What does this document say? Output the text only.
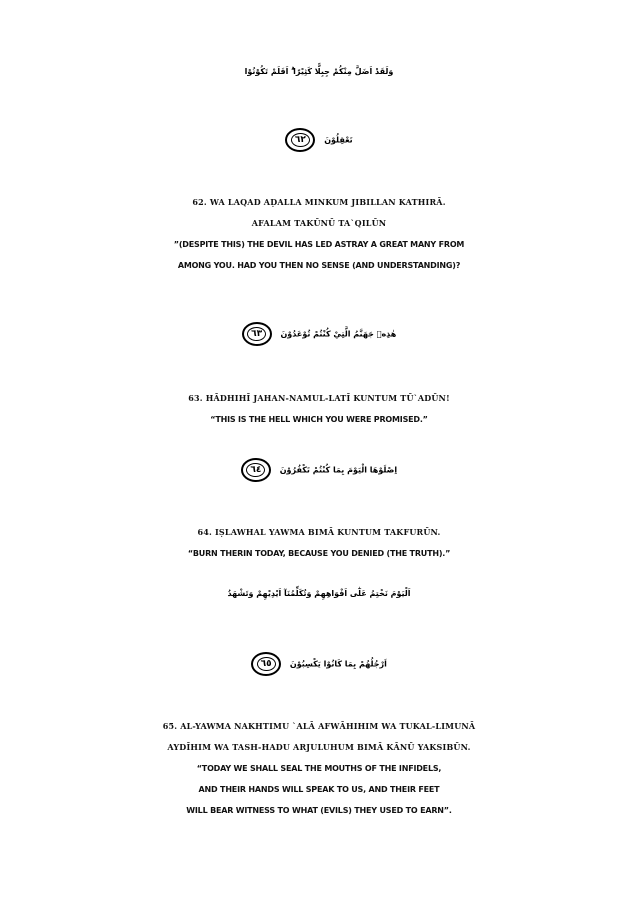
وَلَقَدْ اَضَلَّ مِنْكُمْ جِبِلًّا كَثِيْرًا ۗ اَفَلَمْ تَكُوْنُوْا
تَعْقِلُوْنَ
٦٢
62. WA LAQAD AḌALLA MINKUM JIBILLAN KATHIRĀ.
AFALAM TAKŪNŪ TA`QILŪN
”(DESPITE THIS) THE DEVIL HAS LED ASTRAY A GREAT MANY FROM
AMONG YOU. HAD YOU THEN NO SENSE (AND UNDERSTANDING)?
هٰذِهٖ جَهَنَّمُ الَّتِيْ كُنْتُمْ تُوْعَدُوْنَ
٦٣
63. HĀDHIHĪ JAHAN-NAMUL-LATĪ KUNTUM TŪ`ADŪN!
“THIS IS THE HELL WHICH YOU WERE PROMISED.”
اِصْلَوْهَا الْيَوْمَ بِمَا كُنْتُمْ تَكْفُرُوْنَ
٦٤
64. IṢLAWHAL YAWMA BIMĀ KUNTUM TAKFURŪN.
“BURN THERIN TODAY, BECAUSE YOU DENIED (THE TRUTH).”
اَلْيَوْمَ نَخْتِمُ عَلٰٓى اَفْوَاهِهِمْ وَتُكَلِّمُنَآ اَيْدِيْهِمْ وَتَشْهَدُ
اَرْجُلُهُمْ بِمَا كَانُوْا يَكْسِبُوْنَ
٦٥
65. AL-YAWMA NAKHTIMU `ALĀ AFWĀHIHIM WA TUKAL-LIMUNĀ
AYDĪHIM WA TASH-HADU ARJULUHUM BIMĀ KĀNŪ YAKSIBŪN.
“TODAY WE SHALL SEAL THE MOUTHS OF THE INFIDELS,
AND THEIR HANDS WILL SPEAK TO US, AND THEIR FEET
WILL BEAR WITNESS TO WHAT (EVILS) THEY USED TO EARN”.
